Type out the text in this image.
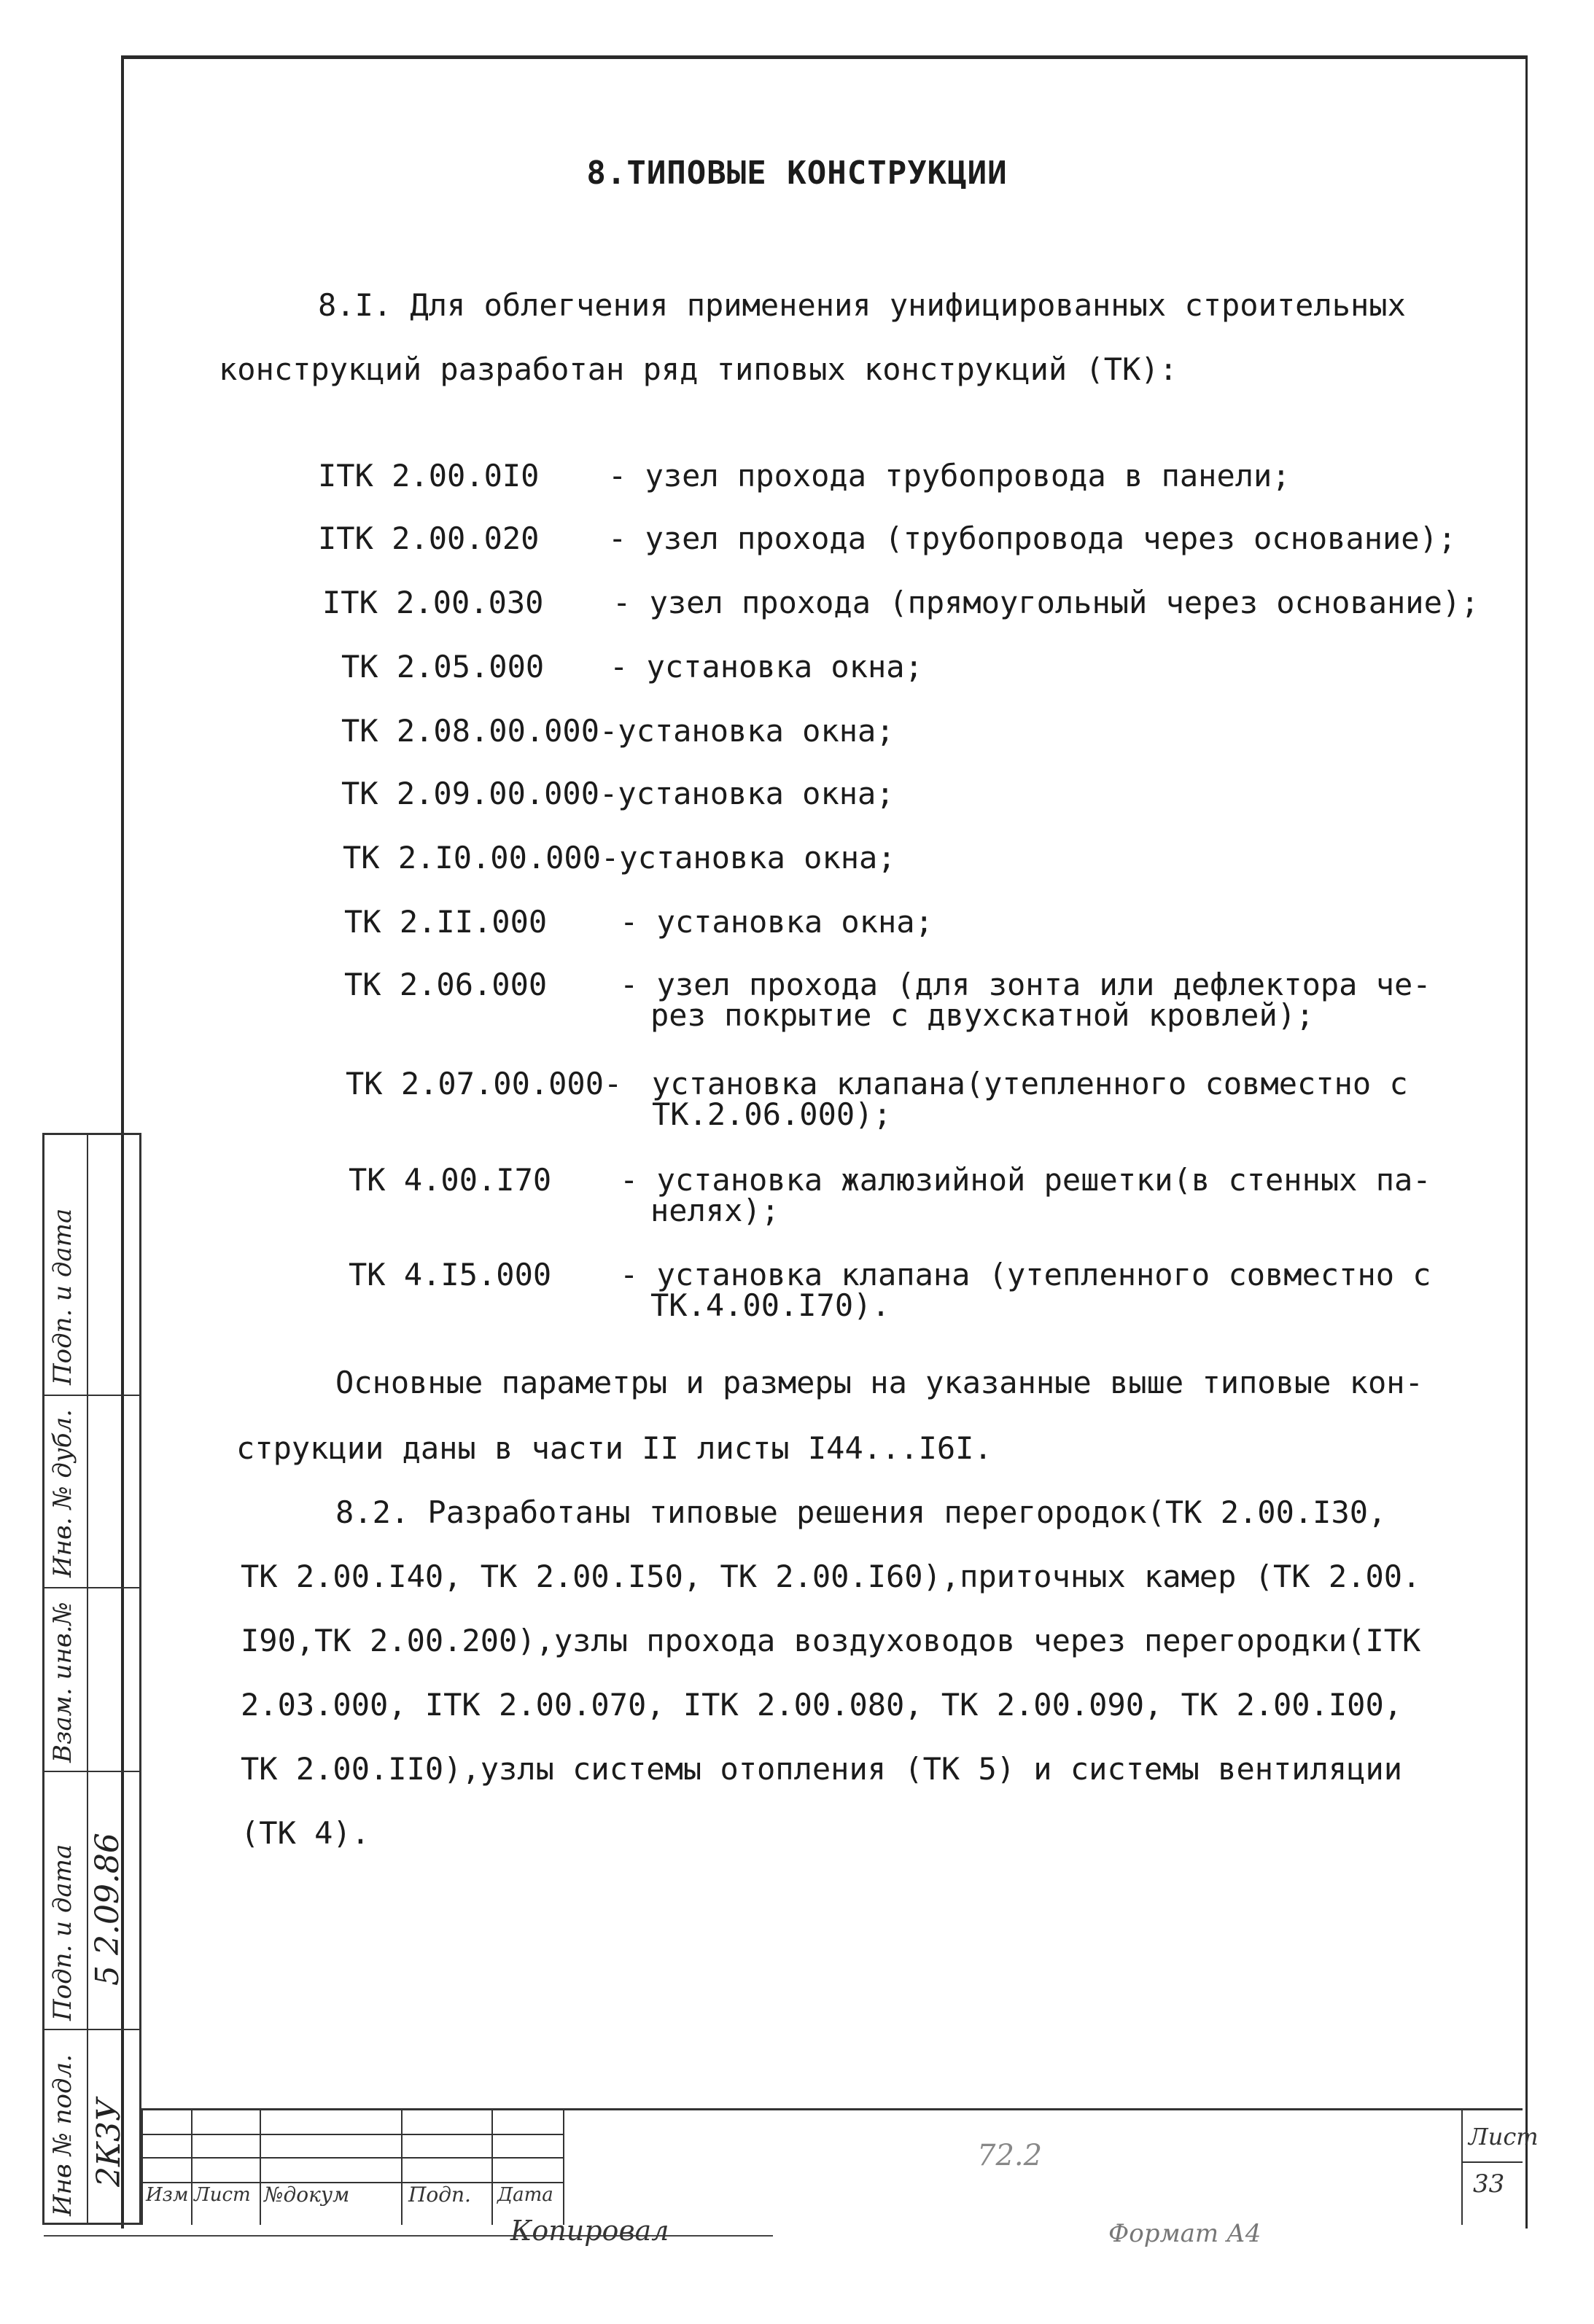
8.ТИПОВЫЕ КОНСТРУКЦИИ
8.I. Для облегчения применения унифицированных строительных
конструкций разработан ряд типовых конструкций (ТК):
IТК 2.00.0I0 - узел прохода трубопровода в панели;
IТК 2.00.020 - узел прохода (трубопровода через основание);
IТК 2.00.030 - узел прохода (прямоугольный через основание);
ТК 2.05.000 - установка окна;
ТК 2.08.00.000-установка окна;
ТК 2.09.00.000-установка окна;
ТК 2.I0.00.000-установка окна;
ТК 2.II.000 - установка окна;
ТК 2.06.000 - узел прохода (для зонта или дефлектора че-
рез покрытие с двухскатной кровлей);
ТК 2.07.00.000- установка клапана(утепленного совместно с
ТК.2.06.000);
ТК 4.00.I70 - установка жалюзийной решетки(в стенных па-
нелях);
ТК 4.I5.000 - установка клапана (утепленного совместно с
ТК.4.00.I70).
Основные параметры и размеры на указанные выше типовые кон-
струкции даны в части II листы I44...I6I.
8.2. Разработаны типовые решения перегородок(ТК 2.00.I30,
ТК 2.00.I40, ТК 2.00.I50, ТК 2.00.I60),приточных камер (ТК 2.00.
I90,ТК 2.00.200),узлы прохода воздуховодов через перегородки(IТК
2.03.000, IТК 2.00.070, IТК 2.00.080, ТК 2.00.090, ТК 2.00.I00,
ТК 2.00.II0),узлы системы отопления (ТК 5) и системы вентиляции
(ТК 4).
Подп. и дата
Инв. № дубл.
Взам. инв.№
Подп. и дата 5 2.09.86
Инв № подл. 2К3У
Изм Лист №докум	Подп. Дата
72.2
Лист
33
Копировал	Формат А4
